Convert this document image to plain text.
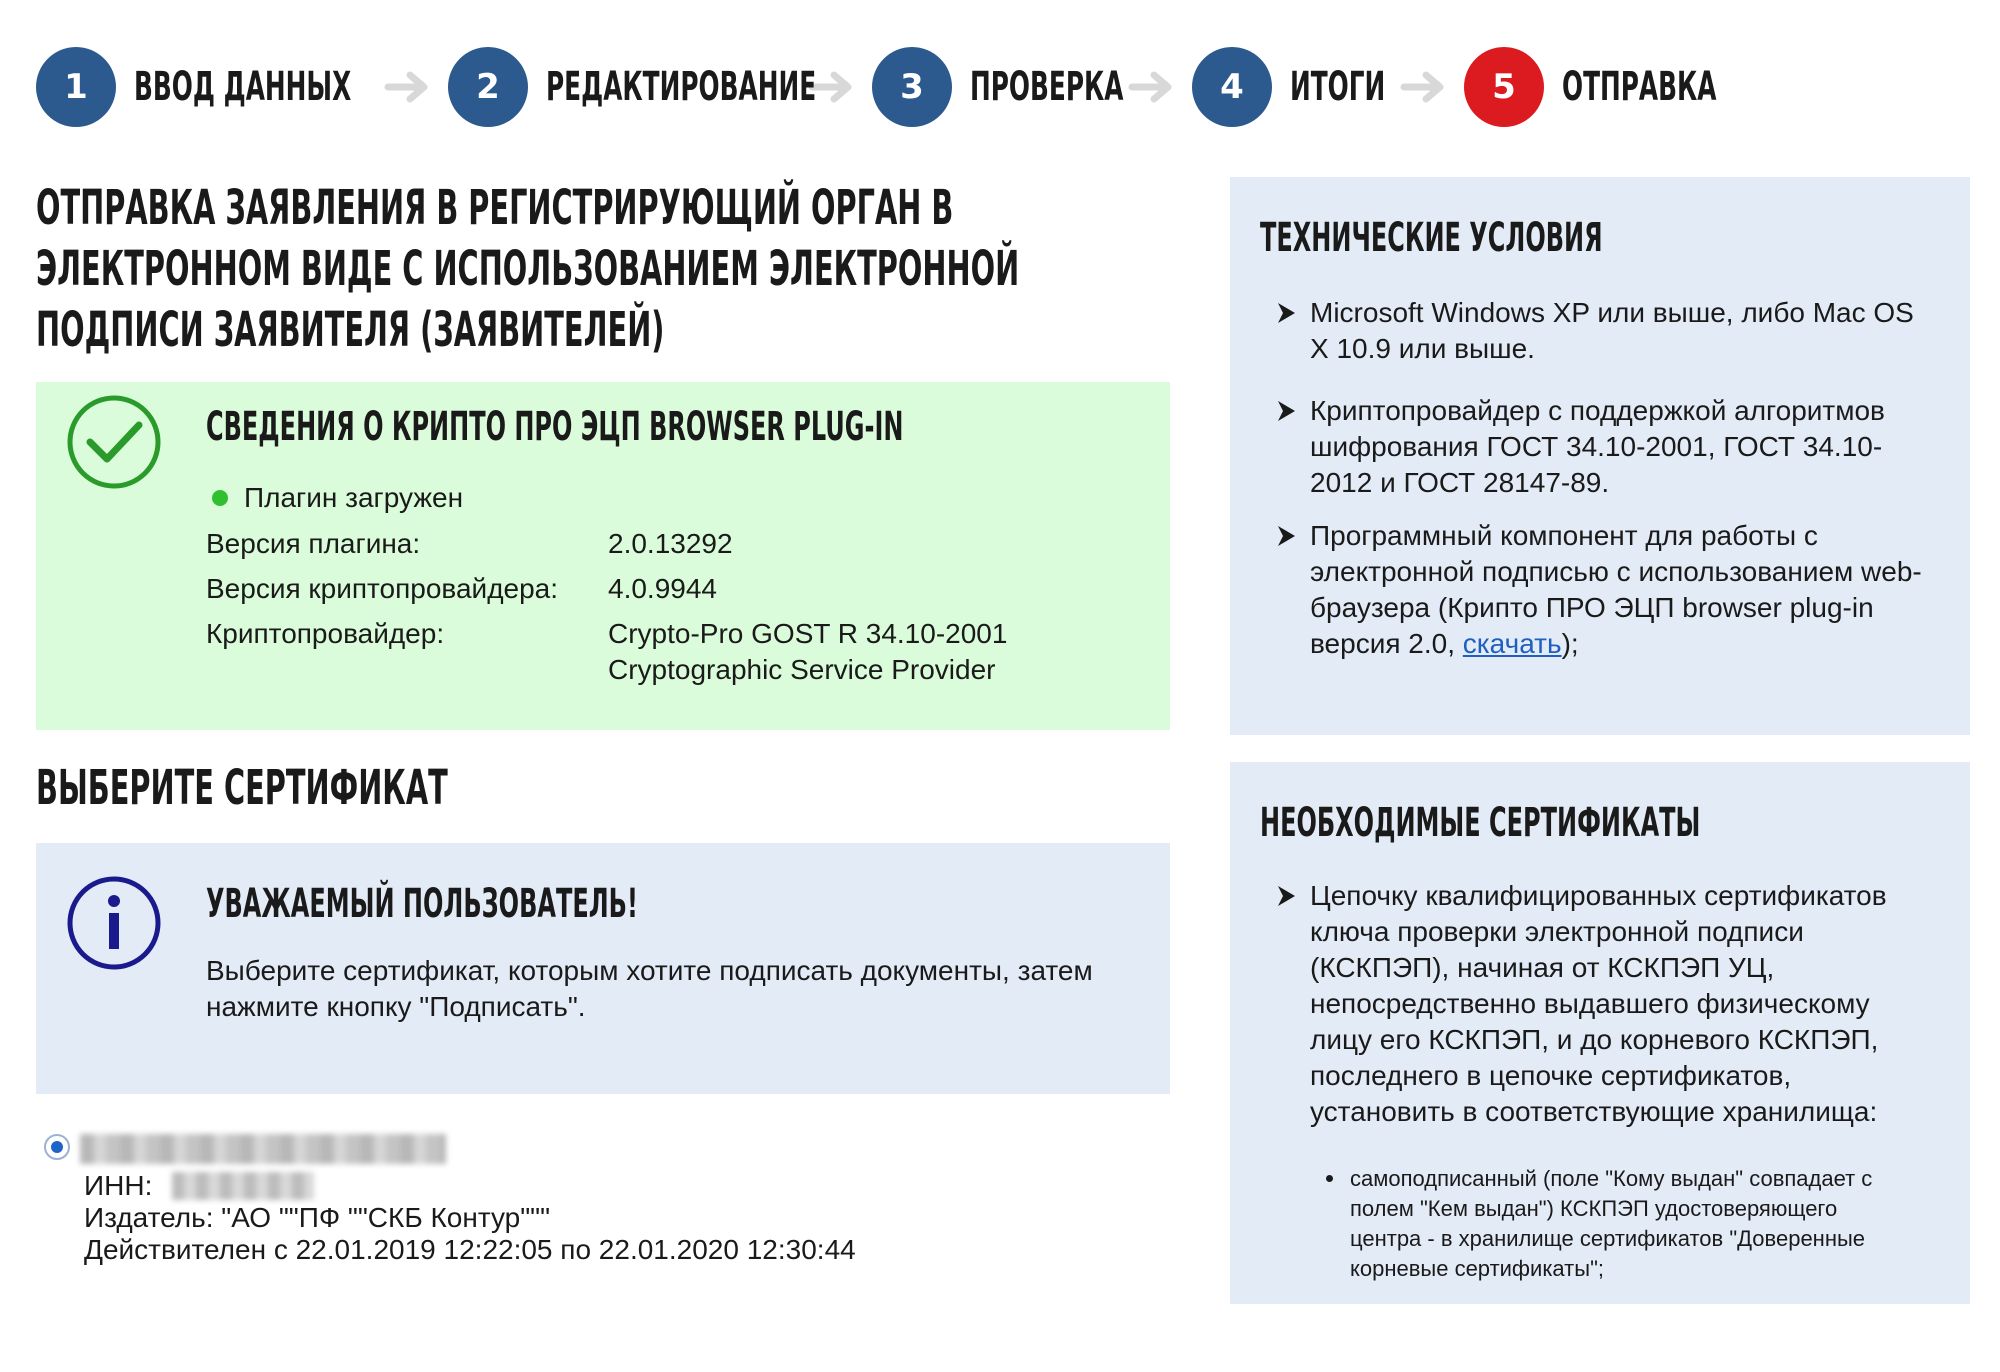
1	ВВОД ДАННЫХ	2	РЕДАКТИРОВАНИЕ	3	ПРОВЕРКА	4	ИТОГИ	5	ОТПРАВКА
ОТПРАВКА ЗАЯВЛЕНИЯ В РЕГИСТРИРУЮЩИЙ ОРГАН В
ЭЛЕКТРОННОМ ВИДЕ С ИСПОЛЬЗОВАНИЕМ ЭЛЕКТРОННОЙ
ПОДПИСИ ЗАЯВИТЕЛЯ (ЗАЯВИТЕЛЕЙ)
СВЕДЕНИЯ О КРИПТО ПРО ЭЦП BROWSER PLUG-IN
Плагин загружен
Версия плагина:	2.0.13292
Версия криптопровайдера: 4.0.9944
Криптопровайдер:	Crypto-Pro GOST R 34.10-2001
Cryptographic Service Provider
ВЫБЕРИТЕ СЕРТИФИКАТ
УВАЖАЕМЫЙ ПОЛЬЗОВАТЕЛЬ!
Выберите сертификат, которым хотите подписать документы, затем
нажмите кнопку "Подписать".
ИНН:
Издатель: "АО ""ПФ ""СКБ Контур"""
Действителен с 22.01.2019 12:22:05 по 22.01.2020 12:30:44
ТЕХНИЧЕСКИЕ УСЛОВИЯ
Microsoft Windows XP или выше, либо Mac OS
X 10.9 или выше.
Криптопровайдер с поддержкой алгоритмов
шифрования ГОСТ 34.10-2001, ГОСТ 34.10-
2012 и ГОСТ 28147-89.
Программный компонент для работы с
электронной подписью с использованием web-
браузера (Крипто ПРО ЭЦП browser plug-in
версия 2.0, скачать);
НЕОБХОДИМЫЕ СЕРТИФИКАТЫ
Цепочку квалифицированных сертификатов
ключа проверки электронной подписи
(КСКПЭП), начиная от КСКПЭП УЦ,
непосредственно выдавшего физическому
лицу его КСКПЭП, и до корневого КСКПЭП,
последнего в цепочке сертификатов,
установить в соответствующие хранилища:
самоподписанный (поле "Кому выдан" совпадает с
полем "Кем выдан") КСКПЭП удостоверяющего
центра - в хранилище сертификатов "Доверенные
корневые сертификаты";
